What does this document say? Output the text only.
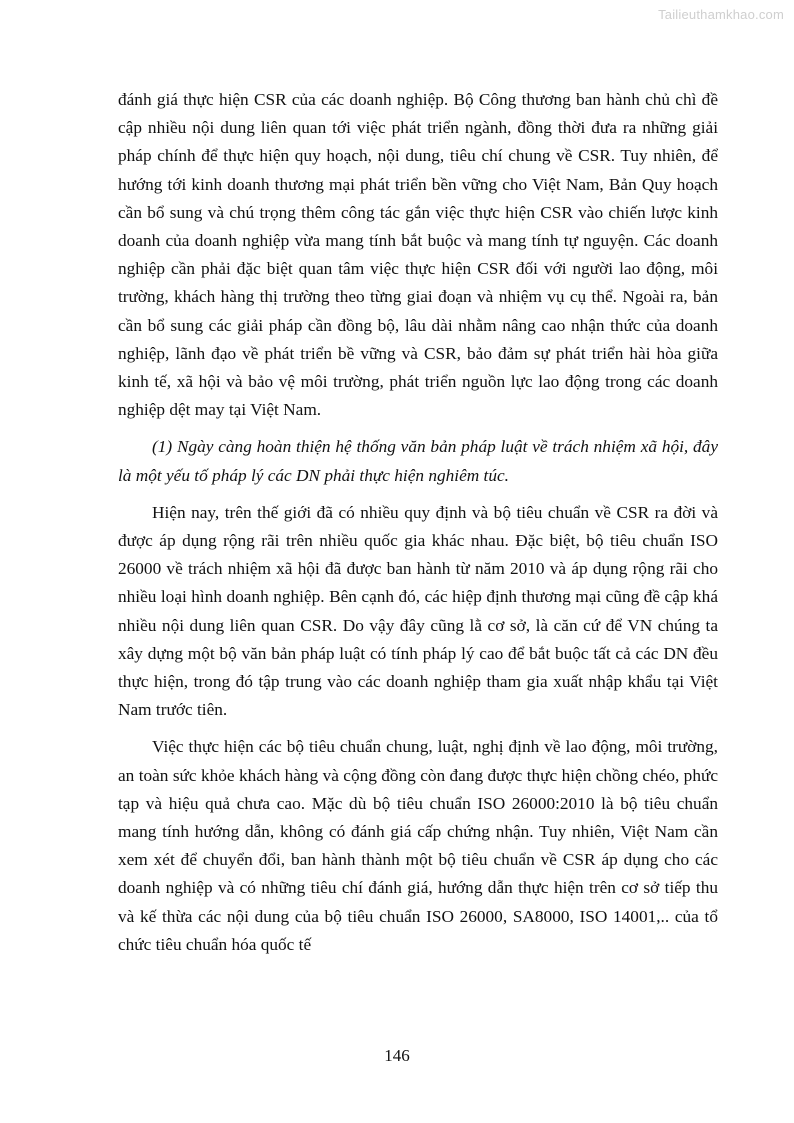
Tailieuthamkhao.com

đánh giá thực hiện CSR của các doanh nghiệp. Bộ Công thương ban hành chủ chì đề cập nhiều nội dung liên quan tới việc phát triển ngành, đồng thời đưa ra những giải pháp chính để thực hiện quy hoạch, nội dung, tiêu chí chung về CSR. Tuy nhiên, để hướng tới kinh doanh thương mại phát triển bền vững cho Việt Nam, Bản Quy hoạch cần bổ sung và chú trọng thêm công tác gắn việc thực hiện CSR vào chiến lược kinh doanh của doanh nghiệp vừa mang tính bắt buộc và mang tính tự nguyện. Các doanh nghiệp cần phải đặc biệt quan tâm việc thực hiện CSR đối với người lao động, môi trường, khách hàng thị trường theo từng giai đoạn và nhiệm vụ cụ thể. Ngoài ra, bản cần bổ sung các giải pháp cần đồng bộ, lâu dài nhằm nâng cao nhận thức của doanh nghiệp, lãnh đạo về phát triển bề vững và CSR, bảo đảm sự phát triển hài hòa giữa kinh tế, xã hội và bảo vệ môi trường, phát triển nguồn lực lao động trong các doanh nghiệp dệt may tại Việt Nam.

(1) Ngày càng hoàn thiện hệ thống văn bản pháp luật về trách nhiệm xã hội, đây là một yếu tố pháp lý các DN phải thực hiện nghiêm túc.

Hiện nay, trên thế giới đã có nhiều quy định và bộ tiêu chuẩn về CSR ra đời và được áp dụng rộng rãi trên nhiều quốc gia khác nhau. Đặc biệt, bộ tiêu chuẩn ISO 26000 về trách nhiệm xã hội đã được ban hành từ năm 2010 và áp dụng rộng rãi cho nhiều loại hình doanh nghiệp. Bên cạnh đó, các hiệp định thương mại cũng đề cập khá nhiều nội dung liên quan CSR. Do vậy đây cũng lằ cơ sở, là căn cứ để VN chúng ta xây dựng một bộ văn bản pháp luật có tính pháp lý cao để bắt buộc tất cả các DN đều thực hiện, trong đó tập trung vào các doanh nghiệp tham gia xuất nhập khẩu tại Việt Nam trước tiên.

Việc thực hiện các bộ tiêu chuẩn chung, luật, nghị định về lao động, môi trường, an toàn sức khỏe khách hàng và cộng đồng còn đang được thực hiện chồng chéo, phức tạp và hiệu quả chưa cao. Mặc dù bộ tiêu chuẩn ISO 26000:2010 là bộ tiêu chuẩn mang tính hướng dẫn, không có đánh giá cấp chứng nhận. Tuy nhiên, Việt Nam cần xem xét để chuyển đổi, ban hành thành một bộ tiêu chuẩn về CSR áp dụng cho các doanh nghiệp và có những tiêu chí đánh giá, hướng dẫn thực hiện trên cơ sở tiếp thu và kế thừa các nội dung của bộ tiêu chuẩn ISO 26000, SA8000, ISO 14001,.. của tổ chức tiêu chuẩn hóa quốc tế

146
